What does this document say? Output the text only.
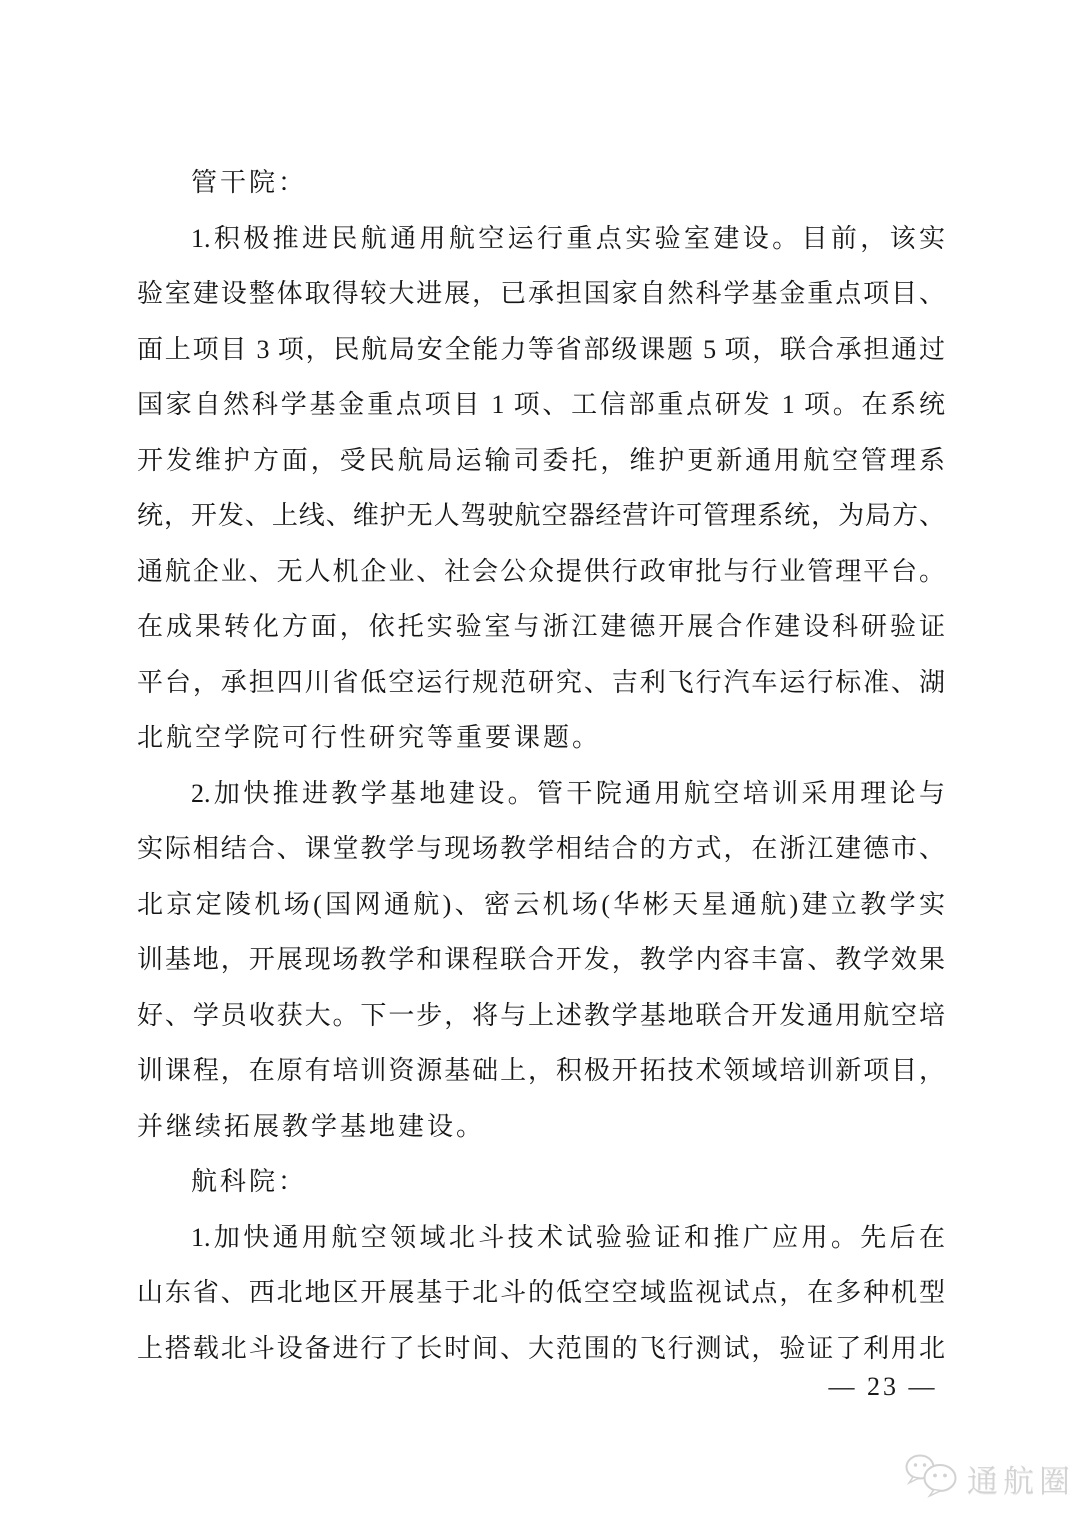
管干院：
1.积极推进民航通用航空运行重点实验室建设。目前，该实
验室建设整体取得较大进展，已承担国家自然科学基金重点项目、
面上项目 3 项，民航局安全能力等省部级课题 5 项，联合承担通过
国家自然科学基金重点项目 1 项、工信部重点研发 1 项。在系统
开发维护方面，受民航局运输司委托，维护更新通用航空管理系
统，开发、上线、维护无人驾驶航空器经营许可管理系统，为局方、
通航企业、无人机企业、社会公众提供行政审批与行业管理平台。
在成果转化方面，依托实验室与浙江建德开展合作建设科研验证
平台，承担四川省低空运行规范研究、吉利飞行汽车运行标准、湖
北航空学院可行性研究等重要课题。
2.加快推进教学基地建设。管干院通用航空培训采用理论与
实际相结合、课堂教学与现场教学相结合的方式，在浙江建德市、
北京定陵机场(国网通航)、密云机场(华彬天星通航)建立教学实
训基地，开展现场教学和课程联合开发，教学内容丰富、教学效果
好、学员收获大。下一步，将与上述教学基地联合开发通用航空培
训课程，在原有培训资源基础上，积极开拓技术领域培训新项目，
并继续拓展教学基地建设。
航科院：
1.加快通用航空领域北斗技术试验验证和推广应用。先后在
山东省、西北地区开展基于北斗的低空空域监视试点，在多种机型
上搭载北斗设备进行了长时间、大范围的飞行测试，验证了利用北
— 23 —
通航圈
